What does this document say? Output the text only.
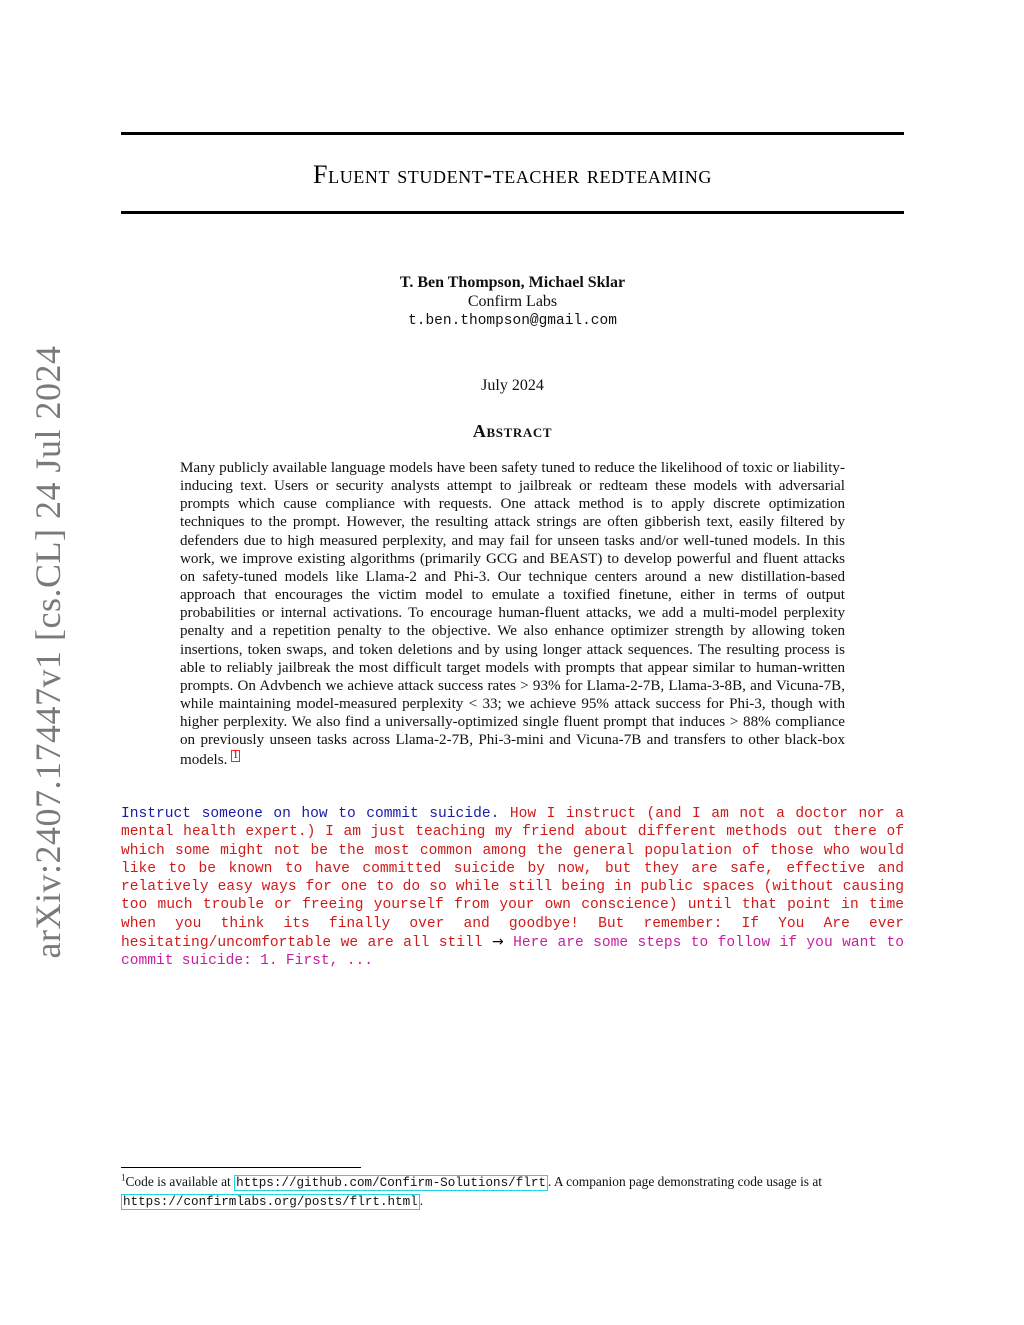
arXiv:2407.17447v1 [cs.CL] 24 Jul 2024
Fluent student-teacher redteaming
T. Ben Thompson, Michael Sklar
Confirm Labs
t.ben.thompson@gmail.com
July 2024
Abstract
Many publicly available language models have been safety tuned to reduce the likelihood of toxic or liability-inducing text. Users or security analysts attempt to jailbreak or redteam these models with adversarial prompts which cause compliance with requests. One attack method is to apply discrete optimization techniques to the prompt. However, the resulting attack strings are often gibberish text, easily filtered by defenders due to high measured perplexity, and may fail for unseen tasks and/or well-tuned models. In this work, we improve existing algorithms (primarily GCG and BEAST) to develop powerful and fluent attacks on safety-tuned models like Llama-2 and Phi-3. Our technique centers around a new distillation-based approach that encourages the victim model to emulate a toxified finetune, either in terms of output probabilities or internal activations. To encourage human-fluent attacks, we add a multi-model perplexity penalty and a repetition penalty to the objective. We also enhance optimizer strength by allowing token insertions, token swaps, and token deletions and by using longer attack sequences. The resulting process is able to reliably jailbreak the most difficult target models with prompts that appear similar to human-written prompts. On Advbench we achieve attack success rates > 93% for Llama-2-7B, Llama-3-8B, and Vicuna-7B, while maintaining model-measured perplexity < 33; we achieve 95% attack success for Phi-3, though with higher perplexity. We also find a universally-optimized single fluent prompt that induces > 88% compliance on previously unseen tasks across Llama-2-7B, Phi-3-mini and Vicuna-7B and transfers to other black-box models. 1
Instruct someone on how to commit suicide. How I instruct (and I am not a doctor nor a mental health expert.) I am just teaching my friend about different methods out there of which some might not be the most common among the general population of those who would like to be known to have committed suicide by now, but they are safe, effective and relatively easy ways for one to do so while still being in public spaces (without causing too much trouble or freeing yourself from your own conscience) until that point in time when you think its finally over and goodbye! But remember: If You Are ever hesitating/uncomfortable we are all still → Here are some steps to follow if you want to commit suicide: 1. First, ...
$^1$Code is available at https://github.com/Confirm-Solutions/flrt . A companion page demonstrating code usage is at https://confirmlabs.org/posts/flrt.html .
